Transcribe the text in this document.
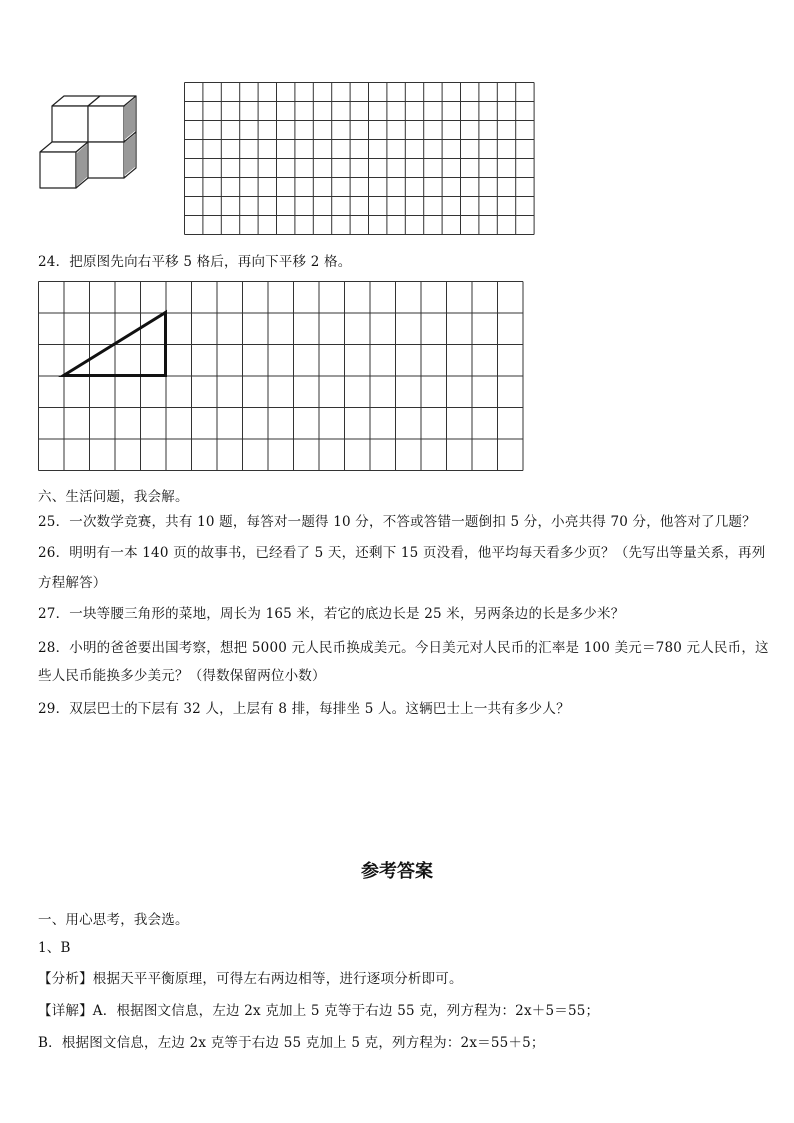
24．把原图先向右平移 5 格后，再向下平移 2 格。
六、生活问题，我会解。
25．一次数学竞赛，共有 10 题，每答对一题得 10 分，不答或答错一题倒扣 5 分，小亮共得 70 分，他答对了几题？
26．明明有一本 140 页的故事书，已经看了 5 天，还剩下 15 页没看，他平均每天看多少页？（先写出等量关系，再列
方程解答）
27．一块等腰三角形的菜地，周长为 165 米，若它的底边长是 25 米，另两条边的长是多少米？
28．小明的爸爸要出国考察，想把 5000 元人民币换成美元。今日美元对人民币的汇率是 100 美元＝780 元人民币，这
些人民币能换多少美元？（得数保留两位小数）
29．双层巴士的下层有 32 人，上层有 8 排，每排坐 5 人。这辆巴士上一共有多少人？
参考答案
一、用心思考，我会选。
1、B
【分析】根据天平平衡原理，可得左右两边相等，进行逐项分析即可。
【详解】A．根据图文信息，左边 2x 克加上 5 克等于右边 55 克，列方程为：2x＋5＝55；
B．根据图文信息，左边 2x 克等于右边 55 克加上 5 克，列方程为：2x＝55＋5；
